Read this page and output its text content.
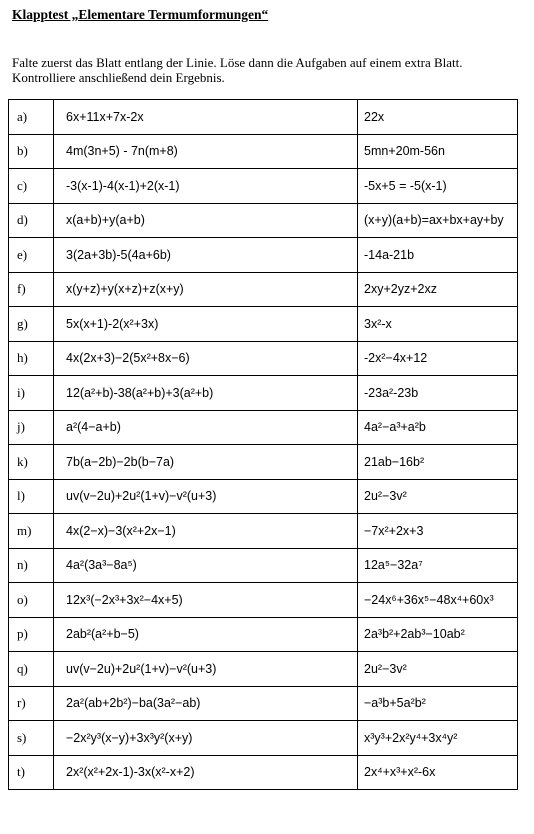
Klapptest „Elementare Termumformungen“
Falte zuerst das Blatt entlang der Linie. Löse dann die Aufgaben auf einem extra Blatt.
Kontrolliere anschließend dein Ergebnis.
a)	6x+11x+7x-2x	22x
b)	4m(3n+5) - 7n(m+8)	5mn+20m-56n
c)	-3(x-1)-4(x-1)+2(x-1)	-5x+5 = -5(x-1)
d)	x(a+b)+y(a+b)	(x+y)(a+b)=ax+bx+ay+by
e)	3(2a+3b)-5(4a+6b)	-14a-21b
f)	x(y+z)+y(x+z)+z(x+y)	2xy+2yz+2xz
g)	5x(x+1)-2(x²+3x)	3x²-x
h)	4x(2x+3)−2(5x²+8x−6)	-2x²−4x+12
i)	12(a²+b)-38(a²+b)+3(a²+b)	-23a²-23b
j)	a²(4−a+b)	4a²−a³+a²b
k)	7b(a−2b)−2b(b−7a)	21ab−16b²
l)	uv(v−2u)+2u²(1+v)−v²(u+3)	2u²−3v²
m)	4x(2−x)−3(x²+2x−1)	−7x²+2x+3
n)	4a²(3a³−8a⁵)	12a⁵−32a⁷
o)	12x³(−2x³+3x²−4x+5)	−24x⁶+36x⁵−48x⁴+60x³
p)	2ab²(a²+b−5)	2a³b²+2ab³−10ab²
q)	uv(v−2u)+2u²(1+v)−v²(u+3)	2u²−3v²
r)	2a²(ab+2b²)−ba(3a²−ab)	−a³b+5a²b²
s)	−2x²y³(x−y)+3x³y²(x+y)	x³y³+2x²y⁴+3x⁴y²
t)	2x²(x²+2x-1)-3x(x²-x+2)	2x⁴+x³+x²-6x
